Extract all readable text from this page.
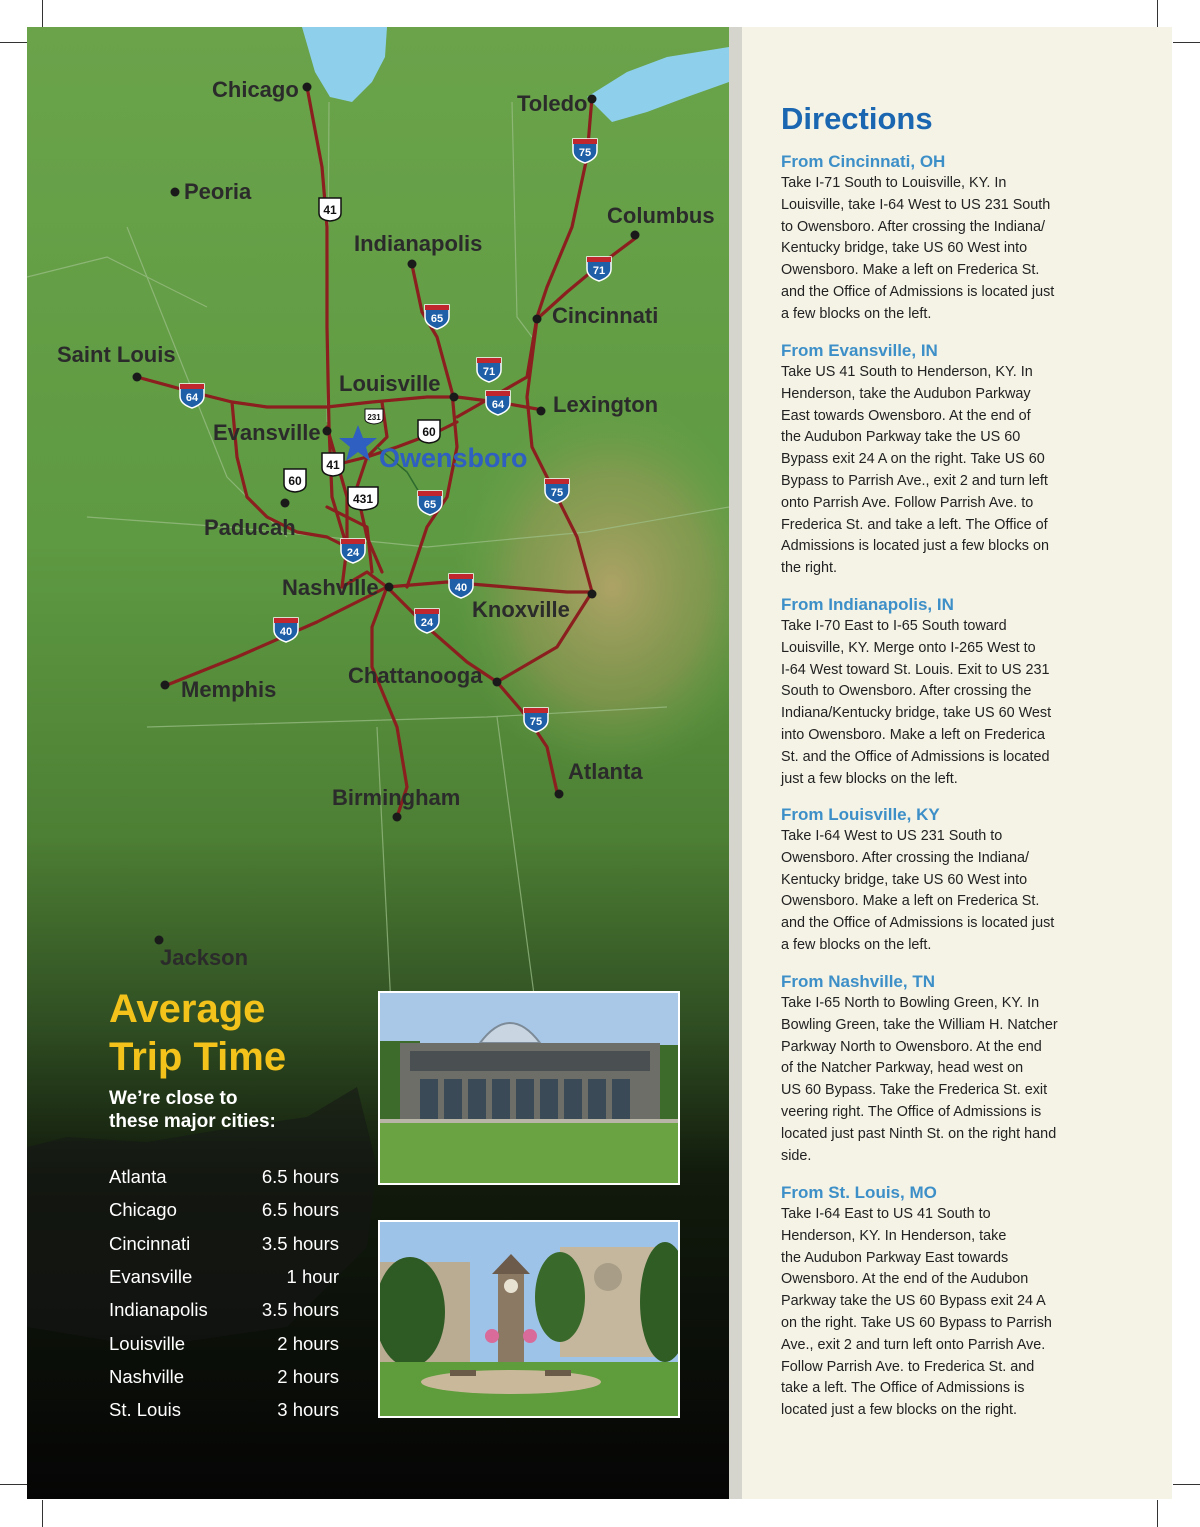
Chicago
Toledo
Peoria
Columbus
Indianapolis
Cincinnati
Saint Louis
Louisville
Lexington
Evansville
Owensboro
Paducah
Nashville
Knoxville
Memphis
Chattanooga
Atlanta
Birmingham
Jackson
75
71
65
71
64
64
65
75
24
40
24
40
75
41
60
41
60
431
231
Average
Trip Time

We’re close to
these major cities:

Atlanta	6.5 hours
Chicago	6.5 hours
Cincinnati	3.5 hours
Evansville	1 hour
Indianapolis	3.5 hours
Louisville	2 hours
Nashville	2 hours
St. Louis	3 hours
Directions
From Cincinnati, OH

Take I-71 South to Louisville, KY. In
Louisville, take I-64 West to US 231 South
to Owensboro. After crossing the Indiana/
Kentucky bridge, take US 60 West into
Owensboro. Make a left on Frederica St.
and the Office of Admissions is located just
a few blocks on the left.

From Evansville, IN

Take US 41 South to Henderson, KY. In
Henderson, take the Audubon Parkway
East towards Owensboro. At the end of
the Audubon Parkway take the US 60
Bypass exit 24 A on the right. Take US 60
Bypass to Parrish Ave., exit 2 and turn left
onto Parrish Ave. Follow Parrish Ave. to
Frederica St. and take a left. The Office of
Admissions is located just a few blocks on
the right.

From Indianapolis, IN

Take I-70 East to I-65 South toward
Louisville, KY. Merge onto I-265 West to
I-64 West toward St. Louis. Exit to US 231
South to Owensboro. After crossing the
Indiana/Kentucky bridge, take US 60 West
into Owensboro. Make a left on Frederica
St. and the Office of Admissions is located
just a few blocks on the left.

From Louisville, KY

Take I-64 West to US 231 South to
Owensboro. After crossing the Indiana/
Kentucky bridge, take US 60 West into
Owensboro. Make a left on Frederica St.
and the Office of Admissions is located just
a few blocks on the left.

From Nashville, TN

Take I-65 North to Bowling Green, KY. In
Bowling Green, take the William H. Natcher
Parkway North to Owensboro. At the end
of the Natcher Parkway, head west on
US 60 Bypass. Take the Frederica St. exit
veering right. The Office of Admissions is
located just past Ninth St. on the right hand
side.

From St. Louis, MO

Take I-64 East to US 41 South to
Henderson, KY. In Henderson, take
the Audubon Parkway East towards
Owensboro. At the end of the Audubon
Parkway take the US 60 Bypass exit 24 A
on the right. Take US 60 Bypass to Parrish
Ave., exit 2 and turn left onto Parrish Ave.
Follow Parrish Ave. to Frederica St. and
take a left. The Office of Admissions is
located just a few blocks on the right.
